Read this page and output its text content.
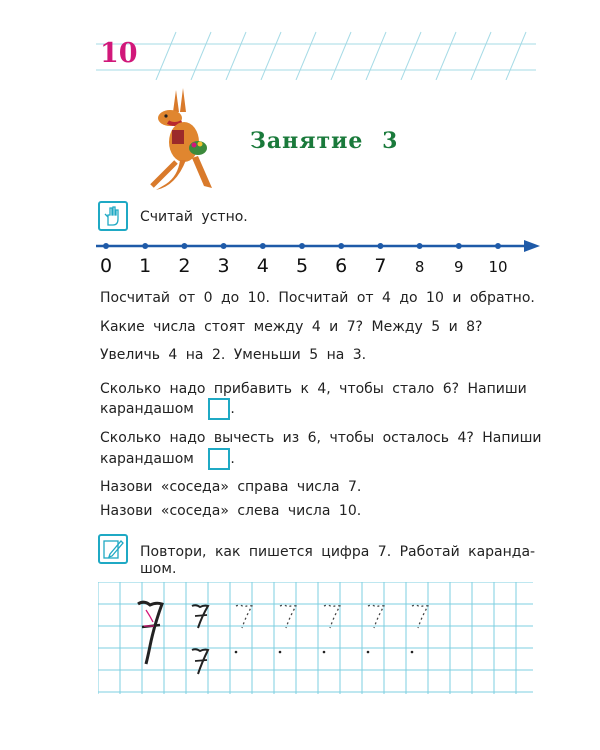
10
Занятие 3
Считай устно.
0 1 2 3 4 5 6 7 8 9 10
Посчитай от 0 до 10. Посчитай от 4 до 10 и обратно.
Какие числа стоят между 4 и 7? Между 5 и 8?
Увеличь 4 на 2. Уменьши 5 на 3.
Сколько надо прибавить к 4, чтобы стало 6? Напиши
карандашом	.
Сколько надо вычесть из 6, чтобы осталось 4? Напиши
карандашом	.
Назови «соседа» справа числа 7.
Назови «соседа» слева числа 10.
Повтори, как пишется цифра 7. Работай каранда-
шом.
